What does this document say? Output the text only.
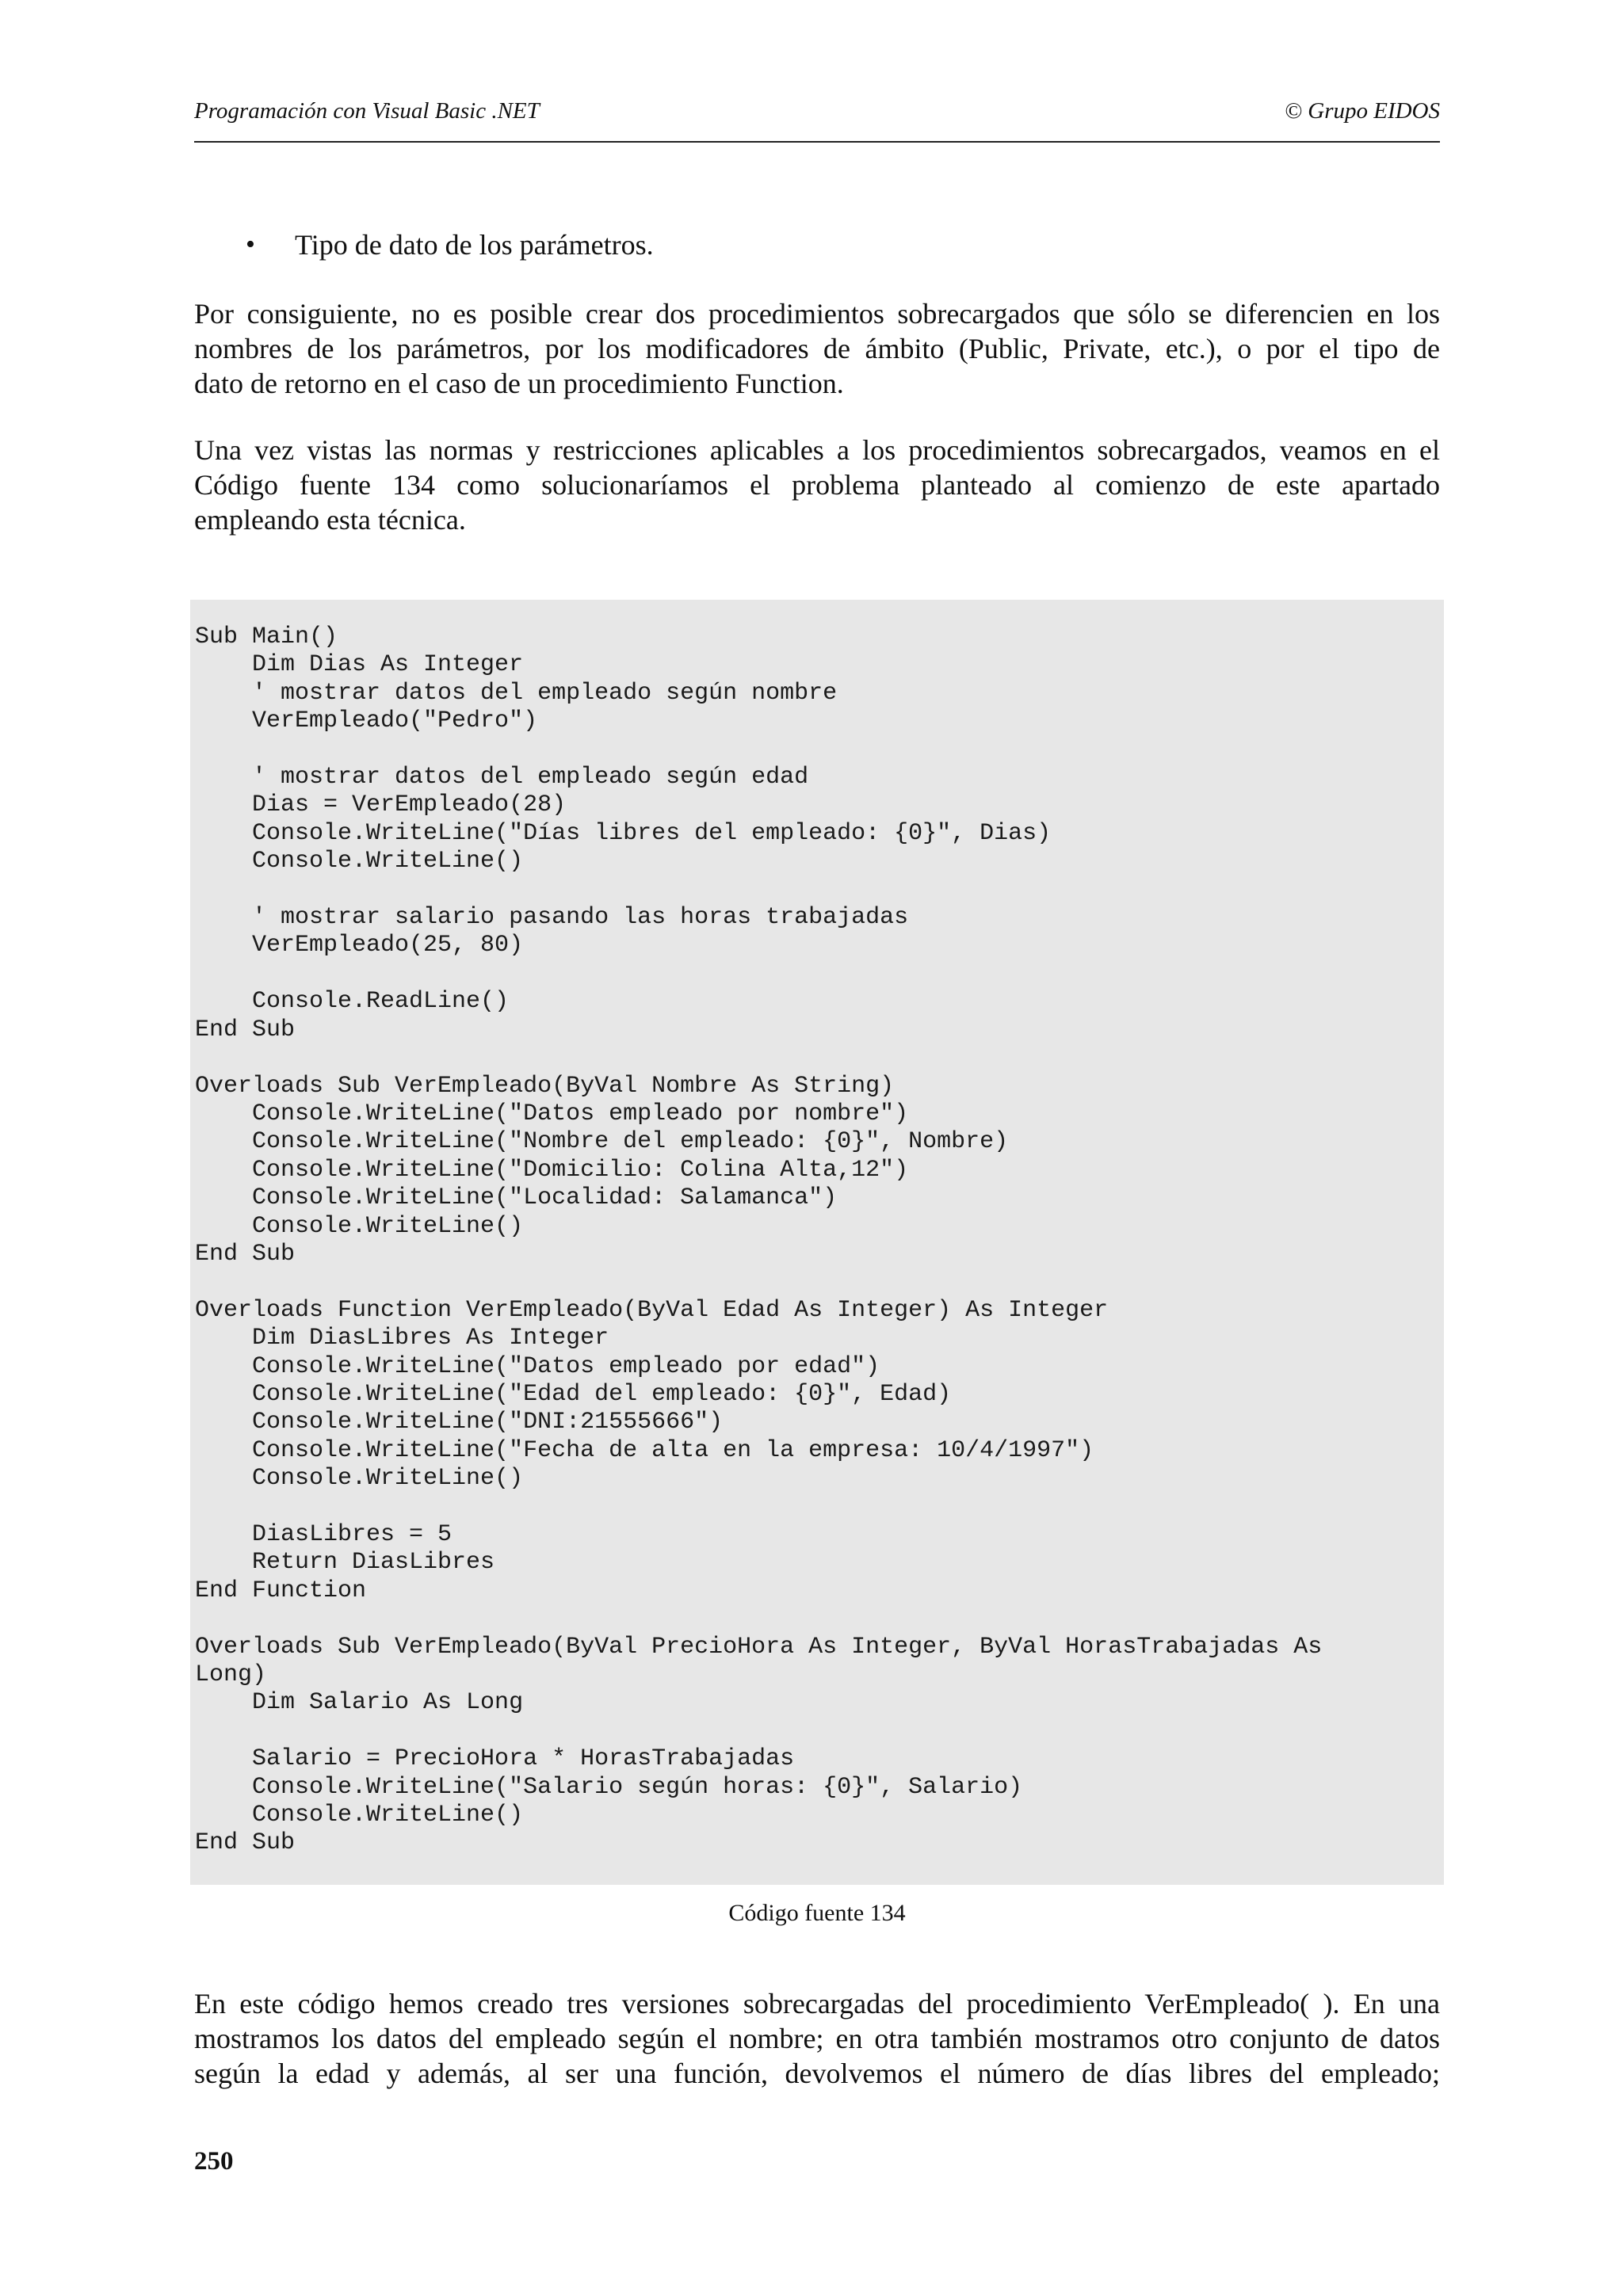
Programación con Visual Basic .NET	© Grupo EIDOS
• Tipo de dato de los parámetros.
Por consiguiente, no es posible crear dos procedimientos sobrecargados que sólo se diferencien en los
nombres de los parámetros, por los modificadores de ámbito (Public, Private, etc.), o por el tipo de
dato de retorno en el caso de un procedimiento Function.
Una vez vistas las normas y restricciones aplicables a los procedimientos sobrecargados, veamos en el
Código fuente 134 como solucionaríamos el problema planteado al comienzo de este apartado
empleando esta técnica.
Sub Main()
Dim Dias As Integer
' mostrar datos del empleado según nombre
VerEmpleado("Pedro")

' mostrar datos del empleado según edad
Dias = VerEmpleado(28)
Console.WriteLine("Días libres del empleado: {0}", Dias)
Console.WriteLine()

' mostrar salario pasando las horas trabajadas
VerEmpleado(25, 80)

Console.ReadLine()
End Sub

Overloads Sub VerEmpleado(ByVal Nombre As String)
Console.WriteLine("Datos empleado por nombre")
Console.WriteLine("Nombre del empleado: {0}", Nombre)
Console.WriteLine("Domicilio: Colina Alta,12")
Console.WriteLine("Localidad: Salamanca")
Console.WriteLine()
End Sub

Overloads Function VerEmpleado(ByVal Edad As Integer) As Integer
Dim DiasLibres As Integer
Console.WriteLine("Datos empleado por edad")
Console.WriteLine("Edad del empleado: {0}", Edad)
Console.WriteLine("DNI:21555666")
Console.WriteLine("Fecha de alta en la empresa: 10/4/1997")
Console.WriteLine()

DiasLibres = 5
Return DiasLibres
End Function

Overloads Sub VerEmpleado(ByVal PrecioHora As Integer, ByVal HorasTrabajadas As
Long)
Dim Salario As Long

Salario = PrecioHora * HorasTrabajadas
Console.WriteLine("Salario según horas: {0}", Salario)
Console.WriteLine()
End Sub
Código fuente 134
En este código hemos creado tres versiones sobrecargadas del procedimiento VerEmpleado( ). En una
mostramos los datos del empleado según el nombre; en otra también mostramos otro conjunto de datos
según la edad y además, al ser una función, devolvemos el número de días libres del empleado;
250
